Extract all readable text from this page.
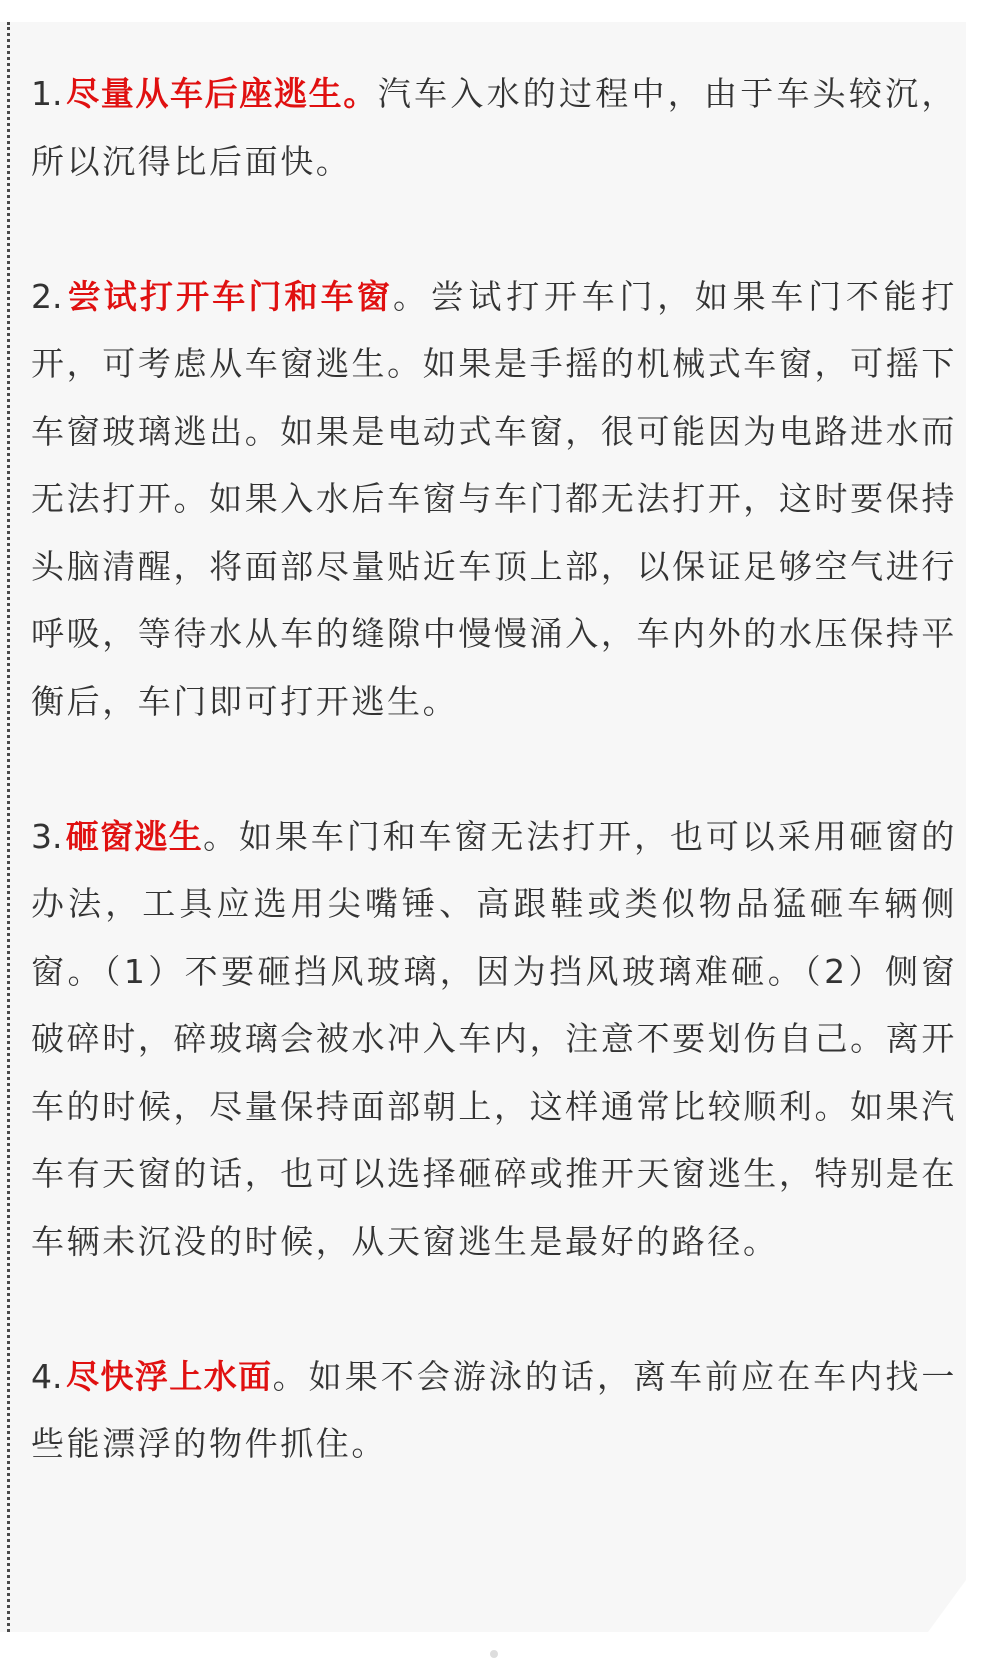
1.尽量从车后座逃生。汽车入水的过程中，由于车头较沉，所以沉得比后面快。

2.尝试打开车门和车窗。尝试打开车门，如果车门不能打开，可考虑从车窗逃生。如果是手摇的机械式车窗，可摇下车窗玻璃逃出。如果是电动式车窗，很可能因为电路进水而无法打开。如果入水后车窗与车门都无法打开，这时要保持头脑清醒，将面部尽量贴近车顶上部，以保证足够空气进行呼吸，等待水从车的缝隙中慢慢涌入，车内外的水压保持平衡后，车门即可打开逃生。

3.砸窗逃生。如果车门和车窗无法打开，也可以采用砸窗的办法，工具应选用尖嘴锤、高跟鞋或类似物品猛砸车辆侧窗。（1）不要砸挡风玻璃，因为挡风玻璃难砸。（2）侧窗破碎时，碎玻璃会被水冲入车内，注意不要划伤自己。离开车的时候，尽量保持面部朝上，这样通常比较顺利。如果汽车有天窗的话，也可以选择砸碎或推开天窗逃生，特别是在车辆未沉没的时候，从天窗逃生是最好的路径。

4.尽快浮上水面。如果不会游泳的话，离车前应在车内找一些能漂浮的物件抓住。
